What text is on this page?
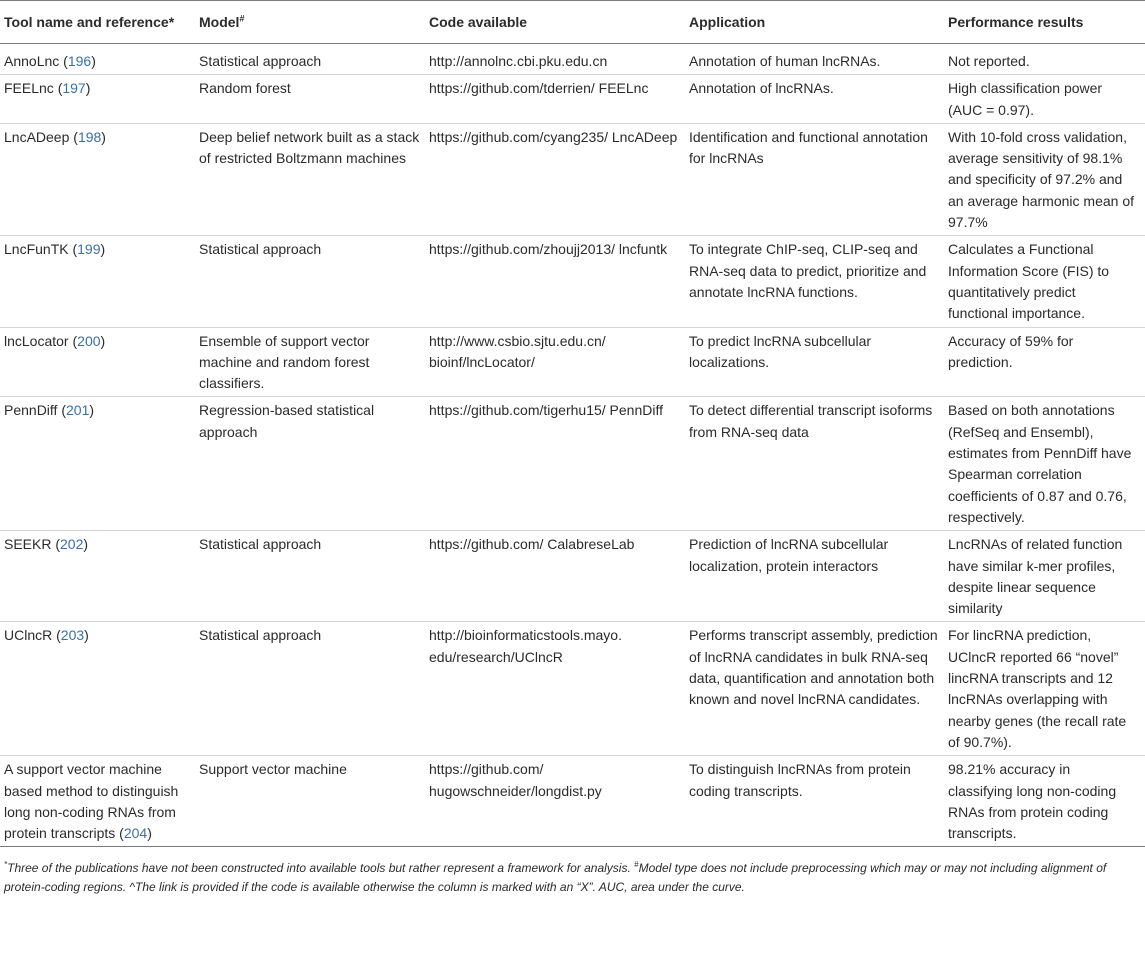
Tool name and reference*	Model#	Code available	Application	Performance results
AnnoLnc (196)	Statistical approach	http://annolnc.cbi.pku.edu.cn	Annotation of human lncRNAs.	Not reported.
FEELnc (197)	Random forest	https://github.com/tderrien/ FEELnc	Annotation of lncRNAs.	High classification power (AUC = 0.97).
LncADeep (198)	Deep belief network built as a stack of restricted Boltzmann machines	https://github.com/cyang235/ LncADeep	Identification and functional annotation for lncRNAs	With 10-fold cross validation, average sensitivity of 98.1% and specificity of 97.2% and an average harmonic mean of 97.7%
LncFunTK (199)	Statistical approach	https://github.com/zhoujj2013/ lncfuntk	To integrate ChIP-seq, CLIP-seq and RNA-seq data to predict, prioritize and annotate lncRNA functions.	Calculates a Functional Information Score (FIS) to quantitatively predict functional importance.
lncLocator (200)	Ensemble of support vector machine and random forest classifiers.	http://www.csbio.sjtu.edu.cn/ bioinf/lncLocator/	To predict lncRNA subcellular localizations.	Accuracy of 59% for prediction.
PennDiff (201)	Regression-based statistical approach	https://github.com/tigerhu15/ PennDiff	To detect differential transcript isoforms from RNA-seq data	Based on both annotations (RefSeq and Ensembl), estimates from PennDiff have Spearman correlation coefficients of 0.87 and 0.76, respectively.
SEEKR (202)	Statistical approach	https://github.com/ CalabreseLab	Prediction of lncRNA subcellular localization, protein interactors	LncRNAs of related function have similar k-mer profiles, despite linear sequence similarity
UClncR (203)	Statistical approach	http://bioinformaticstools.mayo. edu/research/UClncR	Performs transcript assembly, prediction of lncRNA candidates in bulk RNA-seq data, quantification and annotation both known and novel lncRNA candidates.	For lincRNA prediction, UClncR reported 66 “novel” lincRNA transcripts and 12 lncRNAs overlapping with nearby genes (the recall rate of 90.7%).
A support vector machine based method to distinguish long non-coding RNAs from protein transcripts (204)	Support vector machine	https://github.com/ hugowschneider/longdist.py	To distinguish lncRNAs from protein coding transcripts.	98.21% accuracy in classifying long non-coding RNAs from protein coding transcripts.
*Three of the publications have not been constructed into available tools but rather represent a framework for analysis. #Model type does not include preprocessing which may or may not including alignment of protein-coding regions. ^The link is provided if the code is available otherwise the column is marked with an “X”. AUC, area under the curve.
